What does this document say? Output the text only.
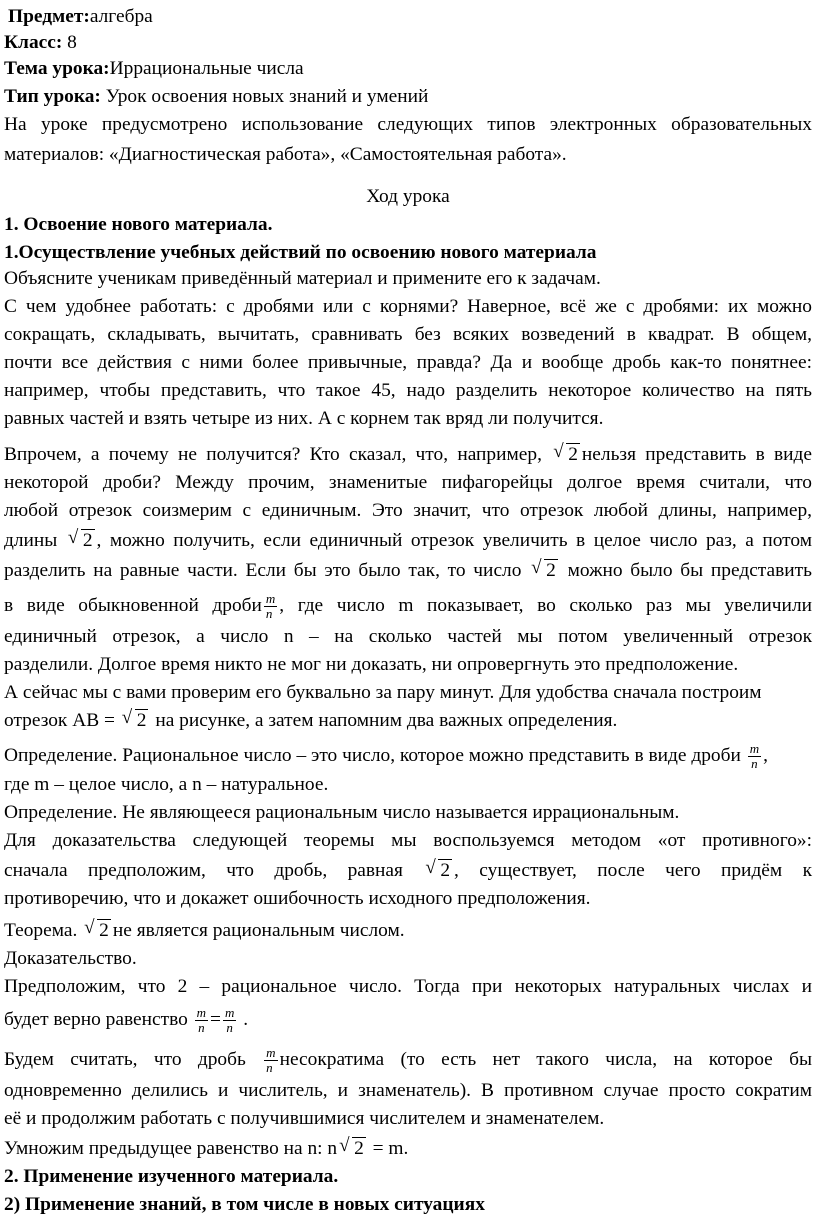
Предмет:алгебра
Класс: 8
Тема урока:Иррациональные числа
Тип урока: Урок освоения новых знаний и умений
На уроке предусмотрено использование следующих типов электронных образовательных
материалов: «Диагностическая работа», «Самостоятельная работа».
Ход урока
1. Освоение нового материала.
1.Осуществление учебных действий по освоению нового материала
Объясните ученикам приведённый материал и примените его к задачам.
С чем удобнее работать: с дробями или с корнями? Наверное, всё же с дробями: их можно
сокращать, складывать, вычитать, сравнивать без всяких возведений в квадрат. В общем,
почти все действия с ними более привычные, правда? Да и вообще дробь как-то понятнее:
например, чтобы представить, что такое 45, надо разделить некоторое количество на пять
равных частей и взять четыре из них. А с корнем так вряд ли получится.
Впрочем, а почему не получится? Кто сказал, что, например, √ 2 нельзя представить в виде
некоторой дроби? Между прочим, знаменитые пифагорейцы долгое время считали, что
любой отрезок соизмерим с единичным. Это значит, что отрезок любой длины, например,
длины √ 2 , можно получить, если единичный отрезок увеличить в целое число раз, а потом
разделить на равные части. Если бы это было так, то число √ 2 можно было бы представить
в виде обыкновенной дроби $\frac{m}{n}$ , где число m показывает, во сколько раз мы увеличили
единичный отрезок, а число n – на сколько частей мы потом увеличенный отрезок
разделили. Долгое время никто не мог ни доказать, ни опровергнуть это предположение.
А сейчас мы с вами проверим его буквально за пару минут. Для удобства сначала построим
отрезок AB = √ 2 на рисунке, а затем напомним два важных определения.
Определение. Рациональное число – это число, которое можно представить в виде дроби $\frac{m}{n}$ ,
где m – целое число, а n – натуральное.
Определение. Не являющееся рациональным число называется иррациональным.
Для доказательства следующей теоремы мы воспользуемся методом «от противного»:
сначала предположим, что дробь, равная √ 2 , существует, после чего придём к
противоречию, что и докажет ошибочность исходного предположения.
Теорема. √ 2 не является рациональным числом.
Доказательство.
Предположим, что 2 – рациональное число. Тогда при некоторых натуральных числах и
будет верно равенство $\frac{m}{n} = \frac{m}{n}$ .
Будем считать, что дробь $\frac{m}{n}$ несократима (то есть нет такого числа, на которое бы
одновременно делились и числитель, и знаменатель). В противном случае просто сократим
её и продолжим работать с получившимися числителем и знаменателем.
Умножим предыдущее равенство на n: n √ 2 = m.
2. Применение изученного материала.
2) Применение знаний, в том числе в новых ситуациях
